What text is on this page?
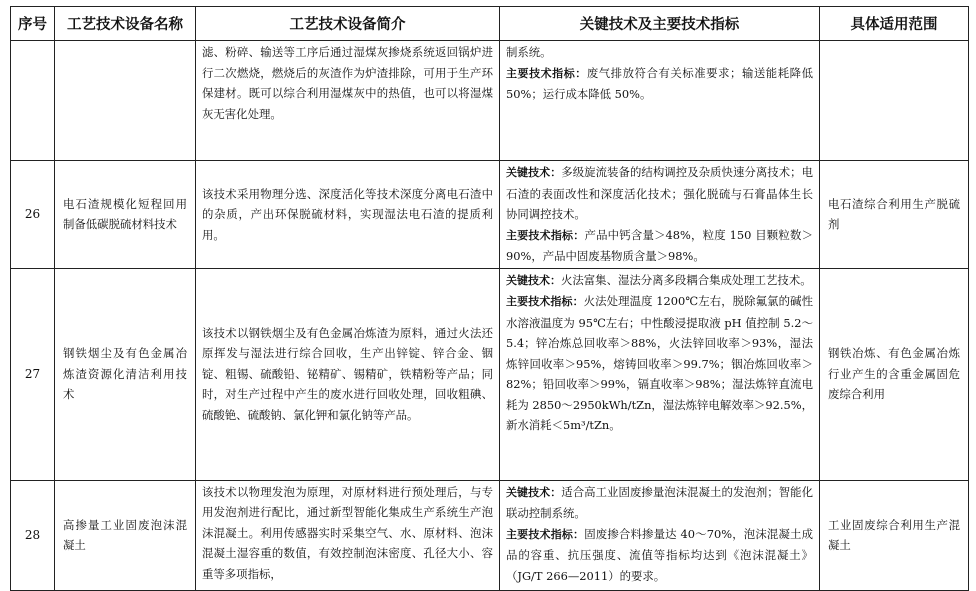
序号	工艺技术设备名称	工艺技术设备简介	关键技术及主要技术指标	具体适用范围

		滤、粉碎、输送等工序后通过湿煤灰掺烧系统返回锅炉进行二次燃烧，燃烧后的灰渣作为炉渣排除，可用于生产环保建材。既可以综合利用湿煤灰中的热值，也可以将湿煤灰无害化处理。	制系统。
主要技术指标：废气排放符合有关标准要求；输送能耗降低 50%；运行成本降低 50%。	

26	电石渣规模化短程回用制备低碳脱硫材料技术	该技术采用物理分选、深度活化等技术深度分离电石渣中的杂质，产出环保脱硫材料，实现湿法电石渣的提质利用。	关键技术：多级旋流装备的结构调控及杂质快速分离技术；电石渣的表面改性和深度活化技术；强化脱硫与石膏晶体生长协同调控技术。
主要技术指标：产品中钙含量＞48%，粒度 150 目颗粒数＞90%，产品中固废基物质含量＞98%。	电石渣综合利用生产脱硫剂

27	钢铁烟尘及有色金属冶炼渣资源化清洁利用技术	该技术以钢铁烟尘及有色金属冶炼渣为原料，通过火法还原挥发与湿法进行综合回收，生产出锌锭、锌合金、铟锭、粗锡、硫酸铅、铋精矿、锡精矿，铁精粉等产品；同时，对生产过程中产生的废水进行回收处理，回收粗碘、硫酸铯、硫酸钠、氯化钾和氯化钠等产品。	关键技术：火法富集、湿法分离多段耦合集成处理工艺技术。
主要技术指标：火法处理温度 1200℃左右，脱除氟氯的碱性水溶液温度为 95℃左右；中性酸浸提取液 pH 值控制 5.2～5.4；锌冶炼总回收率＞88%，火法锌回收率＞93%，湿法炼锌回收率＞95%，熔铸回收率＞99.7%；铟冶炼回收率＞82%；铅回收率＞99%，镉直收率＞98%；湿法炼锌直流电耗为 2850～2950kWh/tZn，湿法炼锌电解效率＞92.5%，新水消耗＜5m³/tZn。	钢铁冶炼、有色金属冶炼行业产生的含重金属固危废综合利用

28	高掺量工业固废泡沫混凝土	该技术以物理发泡为原理，对原材料进行预处理后，与专用发泡剂进行配比，通过新型智能化集成生产系统生产泡沫混凝土。利用传感器实时采集空气、水、原材料、泡沫混凝土湿容重的数值，有效控制泡沫密度、孔径大小、容重等多项指标，	关键技术：适合高工业固废掺量泡沫混凝土的发泡剂；智能化联动控制系统。
主要技术指标：固废掺合料掺量达 40～70%，泡沫混凝土成品的容重、抗压强度、流值等指标均达到《泡沫混凝土》（JG/T 266—2011）的要求。	工业固废综合利用生产混凝土
